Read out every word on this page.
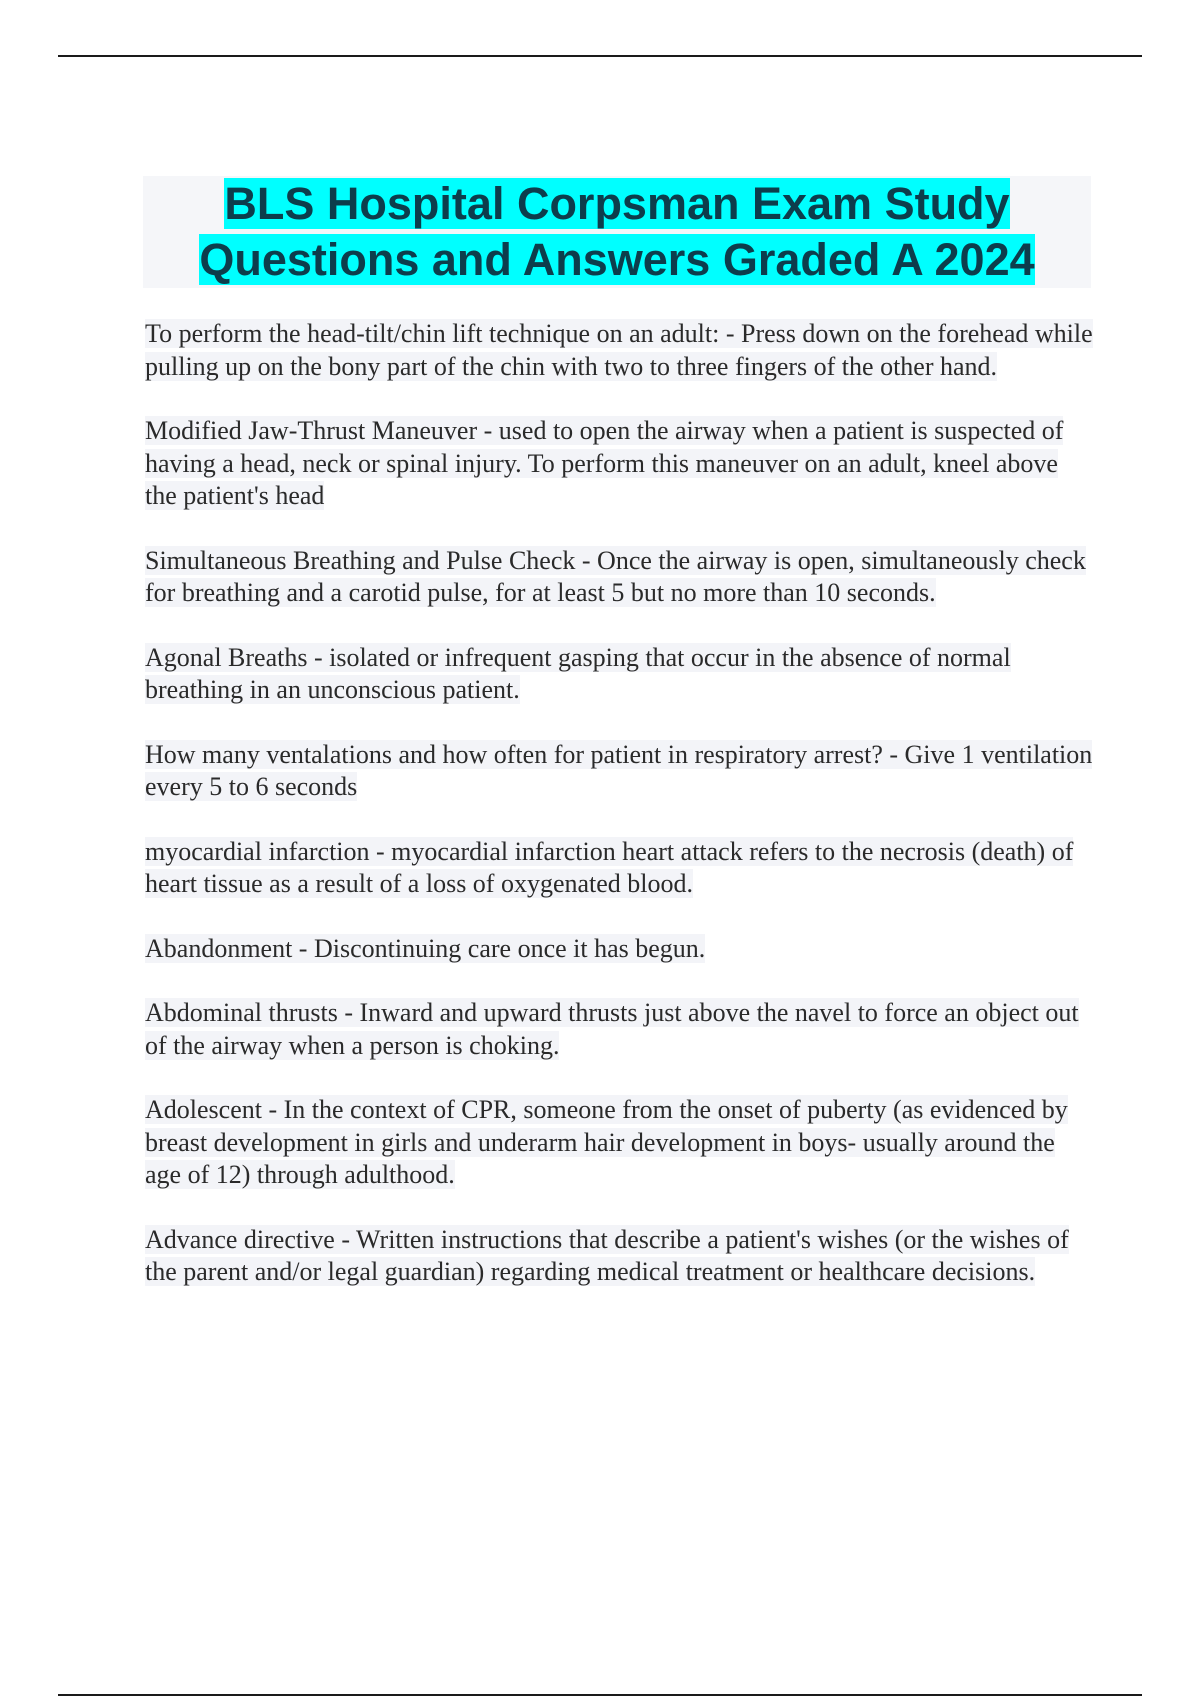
BLS Hospital Corpsman Exam Study Questions and Answers Graded A 2024

To perform the head-tilt/chin lift technique on an adult: - Press down on the forehead while pulling up on the bony part of the chin with two to three fingers of the other hand.

Modified Jaw-Thrust Maneuver - used to open the airway when a patient is suspected of having a head, neck or spinal injury. To perform this maneuver on an adult, kneel above the patient's head

Simultaneous Breathing and Pulse Check - Once the airway is open, simultaneously check for breathing and a carotid pulse, for at least 5 but no more than 10 seconds.

Agonal Breaths - isolated or infrequent gasping that occur in the absence of normal breathing in an unconscious patient.

How many ventalations and how often for patient in respiratory arrest? - Give 1 ventilation every 5 to 6 seconds

myocardial infarction - myocardial infarction heart attack refers to the necrosis (death) of heart tissue as a result of a loss of oxygenated blood.

Abandonment - Discontinuing care once it has begun.

Abdominal thrusts - Inward and upward thrusts just above the navel to force an object out of the airway when a person is choking.

Adolescent - In the context of CPR, someone from the onset of puberty (as evidenced by breast development in girls and underarm hair development in boys- usually around the age of 12) through adulthood.

Advance directive - Written instructions that describe a patient's wishes (or the wishes of the parent and/or legal guardian) regarding medical treatment or healthcare decisions.
